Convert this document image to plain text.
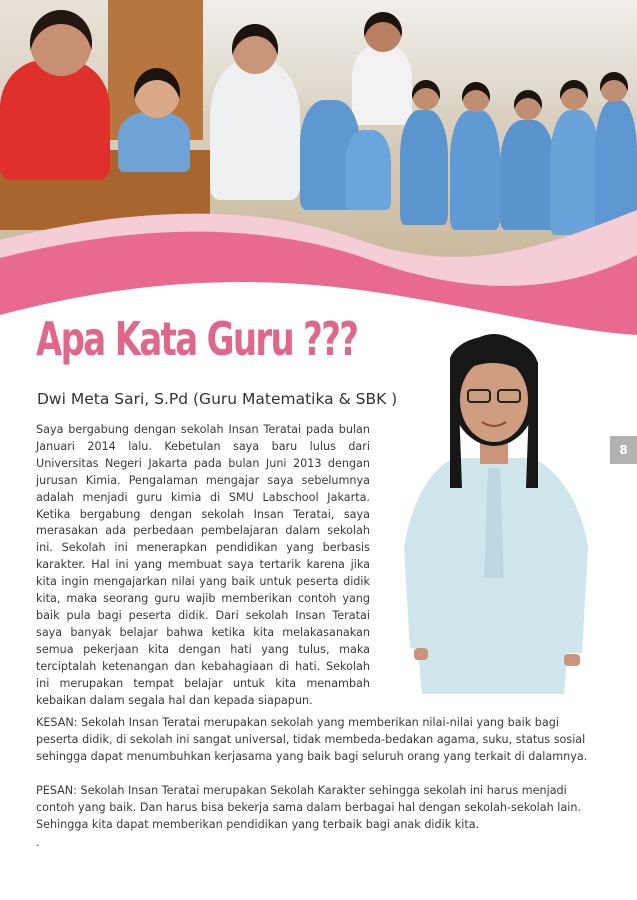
8
Apa Kata Guru ???
Dwi Meta Sari, S.Pd (Guru Matematika & SBK )
Saya bergabung dengan sekolah Insan Teratai pada bulan Januari 2014 lalu. Kebetulan saya baru lulus dari Universitas Negeri Jakarta pada bulan Juni 2013 dengan jurusan Kimia. Pengalaman mengajar saya sebelumnya adalah menjadi guru kimia di SMU Labschool Jakarta. Ketika bergabung dengan sekolah Insan Teratai, saya merasakan ada perbedaan pembelajaran dalam sekolah ini. Sekolah ini menerapkan pendidikan yang berbasis karakter. Hal ini yang membuat saya tertarik karena jika kita ingin mengajarkan nilai yang baik untuk peserta didik kita, maka seorang guru wajib memberikan contoh yang baik pula bagi peserta didik. Dari sekolah Insan Teratai saya banyak belajar bahwa ketika kita melakasanakan semua pekerjaan kita dengan hati yang tulus, maka terciptalah ketenangan dan kebahagiaan di hati. Sekolah ini merupakan tempat belajar untuk kita menambah kebaikan dalam segala hal dan kepada siapapun.
KESAN: Sekolah Insan Teratai merupakan sekolah yang memberikan nilai-nilai yang baik bagi peserta didik, di sekolah ini sangat universal, tidak membeda-bedakan agama, suku, status sosial sehingga dapat menumbuhkan kerjasama yang baik bagi seluruh orang yang terkait di dalamnya.
PESAN: Sekolah Insan Teratai merupakan Sekolah Karakter sehingga sekolah ini harus menjadi contoh yang baik. Dan harus bisa bekerja sama dalam berbagai hal dengan sekolah-sekolah lain. Sehingga kita dapat memberikan pendidikan yang terbaik bagi anak didik kita.
.
